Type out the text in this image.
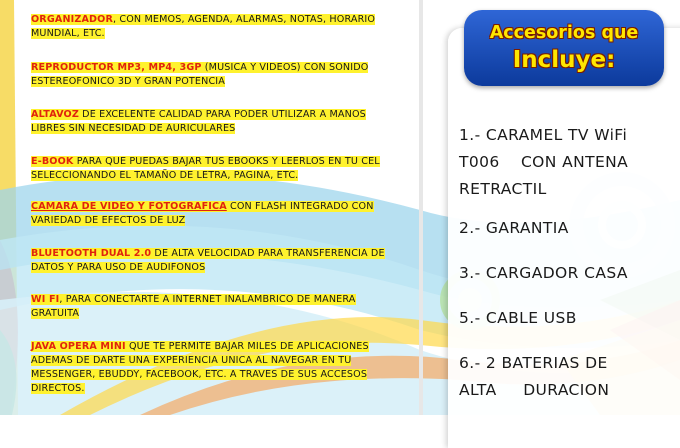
ORGANIZADOR, CON MEMOS, AGENDA, ALARMAS, NOTAS, HORARIO MUNDIAL, ETC.
REPRODUCTOR MP3, MP4, 3GP (MUSICA Y VIDEOS) CON SONIDO ESTEREOFONICO 3D Y GRAN POTENCIA
ALTAVOZ DE EXCELENTE CALIDAD PARA PODER UTILIZAR A MANOS LIBRES SIN NECESIDAD DE AURICULARES
E-BOOK PARA QUE PUEDAS BAJAR TUS EBOOKS Y LEERLOS EN TU CEL SELECCIONANDO EL TAMAÑO DE LETRA, PAGINA, ETC.
CAMARA DE VIDEO Y FOTOGRAFICA CON FLASH INTEGRADO CON VARIEDAD DE EFECTOS DE LUZ
BLUETOOTH DUAL 2.0 DE ALTA VELOCIDAD PARA TRANSFERENCIA DE DATOS Y PARA USO DE AUDIFONOS
WI FI, PARA CONECTARTE A INTERNET INALAMBRICO DE MANERA GRATUITA
JAVA OPERA MINI QUE TE PERMITE BAJAR MILES DE APLICACIONES ADEMAS DE DARTE UNA EXPERIENCIA UNICA AL NAVEGAR EN TU MESSENGER, EBUDDY, FACEBOOK, ETC. A TRAVES DE SUS ACCESOS DIRECTOS.
Accesorios que
Incluye:
1.- CARAMEL TV WiFi
T006    CON ANTENA
RETRACTIL
2.- GARANTIA
3.- CARGADOR CASA
5.- CABLE USB
6.- 2 BATERIAS DE
ALTA     DURACION
